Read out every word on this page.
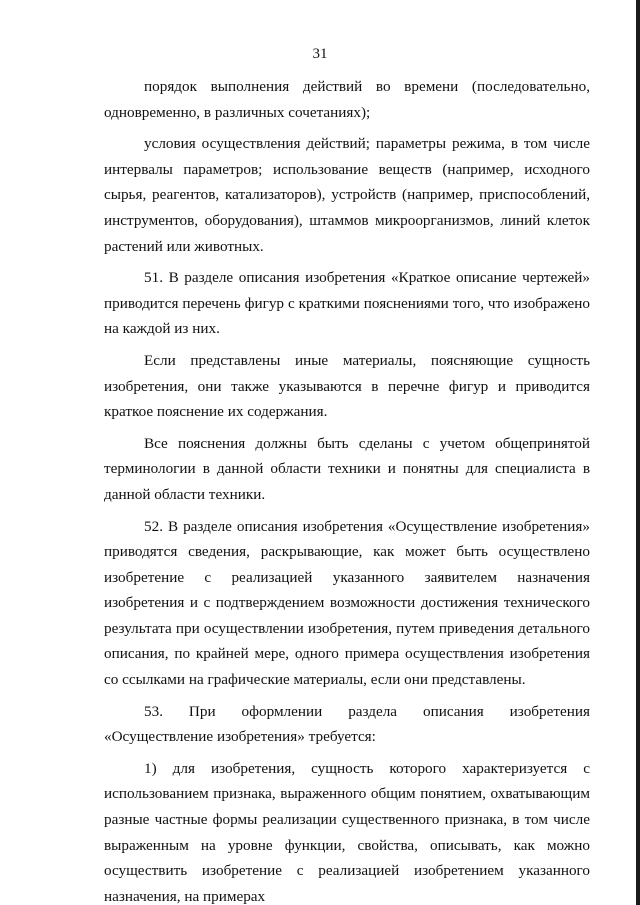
31

порядок выполнения действий во времени (последовательно, одновременно, в различных сочетаниях);

условия осуществления действий; параметры режима, в том числе интервалы параметров; использование веществ (например, исходного сырья, реагентов, катализаторов), устройств (например, приспособлений, инструментов, оборудования), штаммов микроорганизмов, линий клеток растений или животных.

51. В разделе описания изобретения «Краткое описание чертежей» приводится перечень фигур с краткими пояснениями того, что изображено на каждой из них.

Если представлены иные материалы, поясняющие сущность изобретения, они также указываются в перечне фигур и приводится краткое пояснение их содержания.

Все пояснения должны быть сделаны с учетом общепринятой терминологии в данной области техники и понятны для специалиста в данной области техники.

52. В разделе описания изобретения «Осуществление изобретения» приводятся сведения, раскрывающие, как может быть осуществлено изобретение с реализацией указанного заявителем назначения изобретения и с подтверждением возможности достижения технического результата при осуществлении изобретения, путем приведения детального описания, по крайней мере, одного примера осуществления изобретения со ссылками на графические материалы, если они представлены.

53. При оформлении раздела описания изобретения «Осуществление изобретения» требуется:

1) для изобретения, сущность которого характеризуется с использованием признака, выраженного общим понятием, охватывающим разные частные формы реализации существенного признака, в том числе выраженным на уровне функции, свойства, описывать, как можно осуществить изобретение с реализацией изобретением указанного назначения, на примерах
